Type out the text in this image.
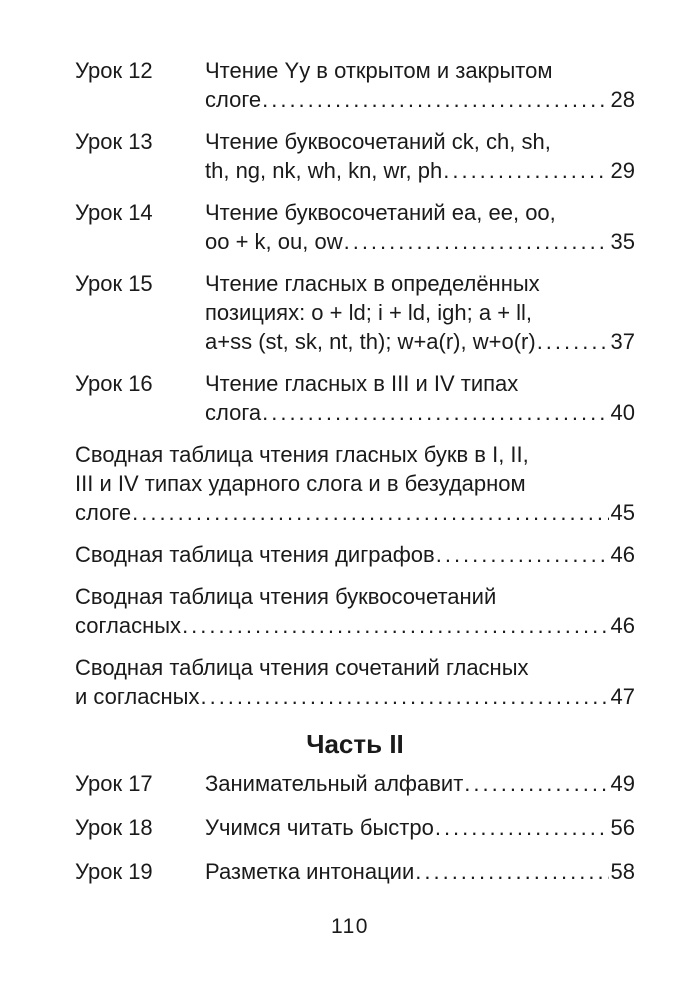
Урок 12	Чтение Yy в открытом и закрытом
слоге .....	28
Урок 13	Чтение буквосочетаний ck, ch, sh,
th, ng, nk, wh, kn, wr, ph .....	29
Урок 14	Чтение буквосочетаний ea, ee, oo,
oo + k, ou, ow .....	35
Урок 15	Чтение гласных в определённых
позициях: o + ld; i + ld, igh; a + ll,
a+ss (st, sk, nt, th); w+a(r), w+o(r) .....	37
Урок 16	Чтение гласных в III и IV типах
слога .....	40
Сводная таблица чтения гласных букв в I, II,
III и IV типах ударного слога и в безударном
слоге .....	45
Сводная таблица чтения диграфов .....	46
Сводная таблица чтения буквосочетаний
согласных .....	46
Сводная таблица чтения сочетаний гласных
и согласных .....	47
Часть II
Урок 17	Занимательный алфавит .....	49
Урок 18	Учимся читать быстро .....	56
Урок 19	Разметка интонации .....	58
110
